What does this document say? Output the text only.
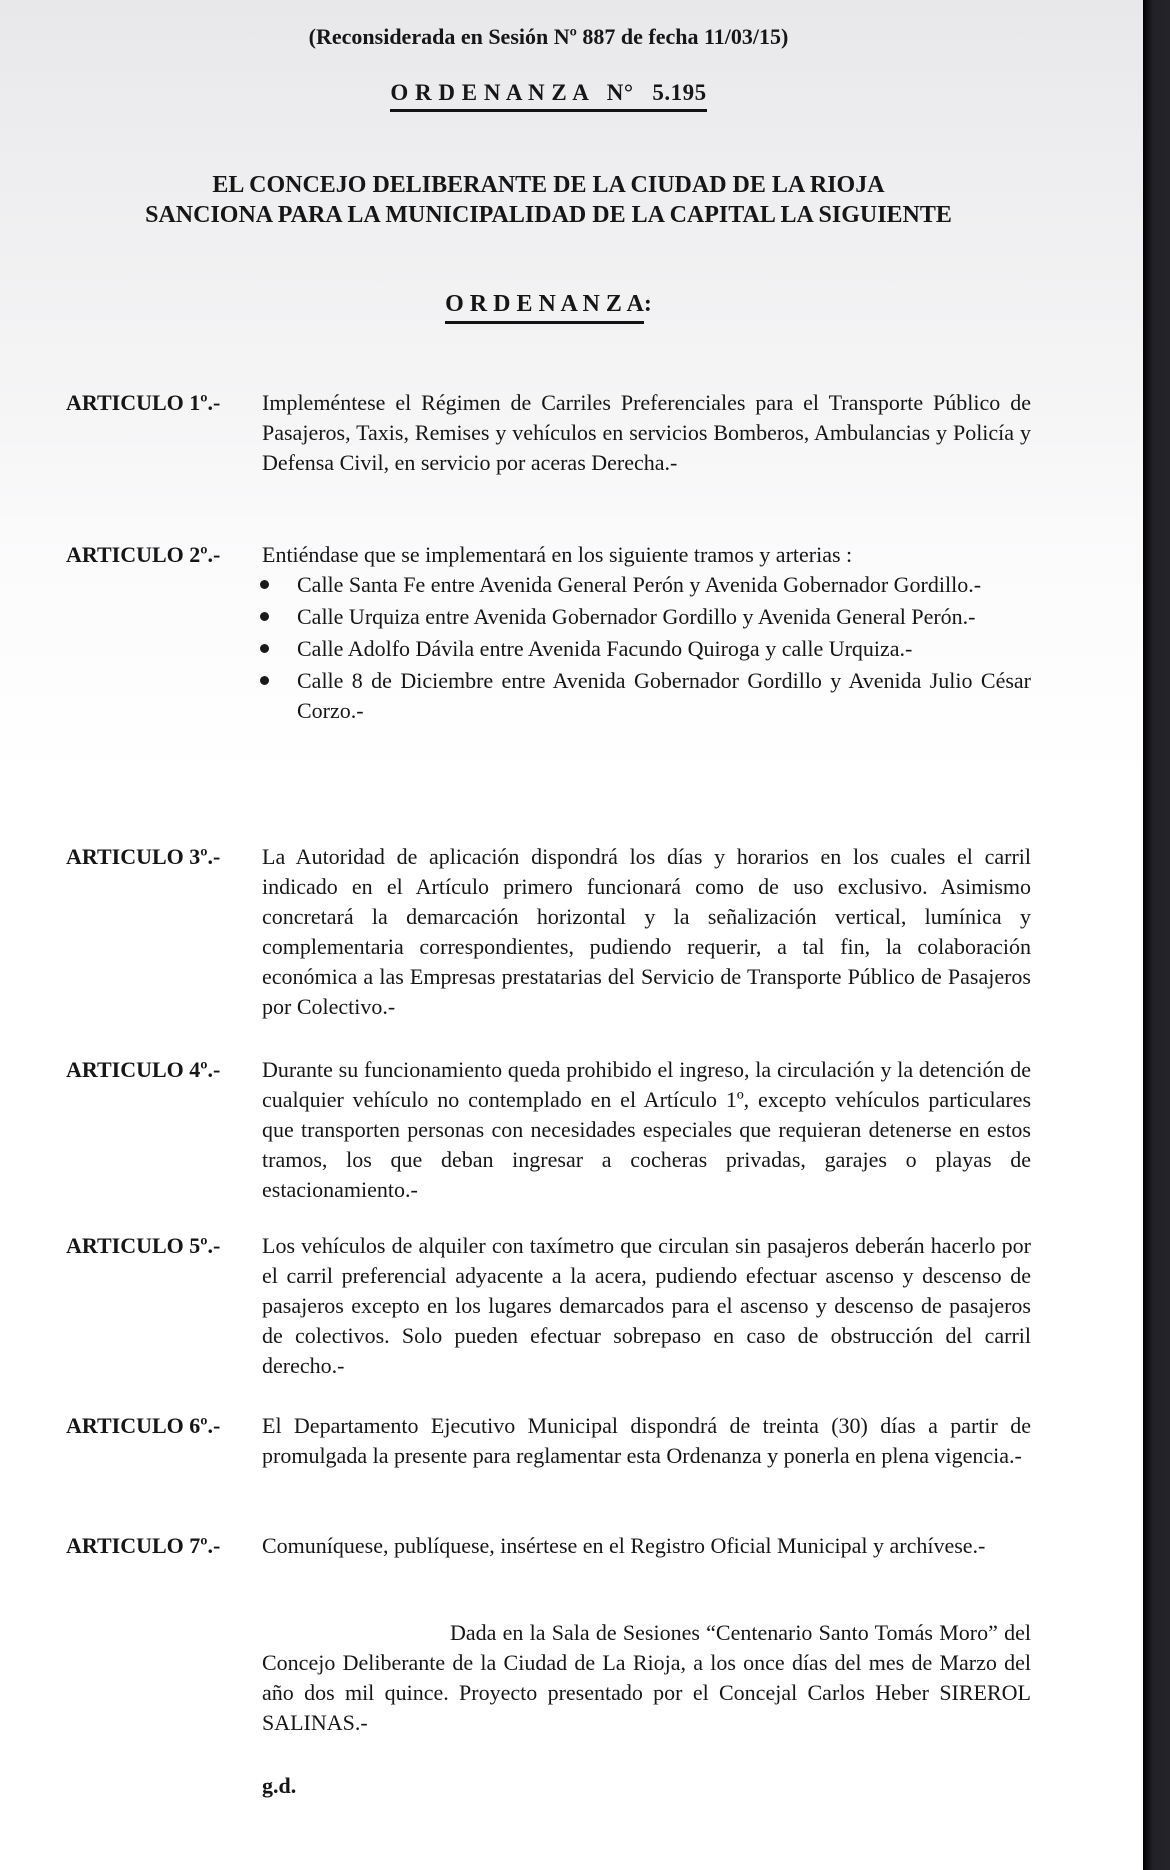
(Reconsiderada en Sesión Nº 887 de fecha 11/03/15)
O R D E N A N Z A   N°   5.195
EL CONCEJO DELIBERANTE DE LA CIUDAD DE LA RIOJA
SANCIONA PARA LA MUNICIPALIDAD DE LA CAPITAL LA SIGUIENTE
O R D E N A N Z A:
ARTICULO 1º.-	Impleméntese el Régimen de Carriles Preferenciales para el Transporte Público de Pasajeros, Taxis, Remises y vehículos en servicios Bomberos, Ambulancias y Policía y Defensa Civil, en servicio por aceras Derecha.-
ARTICULO 2º.-	Entiéndase que se implementará en los siguiente tramos y arterias :
Calle Santa Fe entre Avenida General Perón y Avenida Gobernador Gordillo.-
Calle Urquiza entre Avenida Gobernador Gordillo y Avenida General Perón.-
Calle Adolfo Dávila entre Avenida Facundo Quiroga y calle Urquiza.-
Calle 8 de Diciembre entre Avenida Gobernador Gordillo y Avenida Julio César Corzo.-
ARTICULO 3º.-	La Autoridad de aplicación dispondrá los días y horarios en los cuales el carril indicado en el Artículo primero funcionará como de uso exclusivo. Asimismo concretará la demarcación horizontal y la señalización vertical, lumínica y complementaria correspondientes, pudiendo requerir, a tal fin, la colaboración económica a las Empresas prestatarias del Servicio de Transporte Público de Pasajeros por Colectivo.-
ARTICULO 4º.-	Durante su funcionamiento queda prohibido el ingreso, la circulación y la detención de cualquier vehículo no contemplado en el Artículo 1º, excepto vehículos particulares que transporten personas con necesidades especiales que requieran detenerse en estos tramos, los que deban ingresar a cocheras privadas, garajes o playas de estacionamiento.-
ARTICULO 5º.-	Los vehículos de alquiler con taxímetro que circulan sin pasajeros deberán hacerlo por el carril preferencial adyacente a la acera, pudiendo efectuar ascenso y descenso de pasajeros excepto en los lugares demarcados para el ascenso y descenso de pasajeros de colectivos. Solo pueden efectuar sobrepaso en caso de obstrucción del carril derecho.-
ARTICULO 6º.-	El Departamento Ejecutivo Municipal dispondrá de treinta (30) días a partir de promulgada la presente para reglamentar esta Ordenanza y ponerla en plena vigencia.-
ARTICULO 7º.-	Comuníquese, publíquese, insértese en el Registro Oficial Municipal y archívese.-
Dada en la Sala de Sesiones “Centenario Santo Tomás Moro” del Concejo Deliberante de la Ciudad de La Rioja, a los once días del mes de Marzo del año dos mil quince. Proyecto presentado por el Concejal Carlos Heber SIREROL SALINAS.-
g.d.
